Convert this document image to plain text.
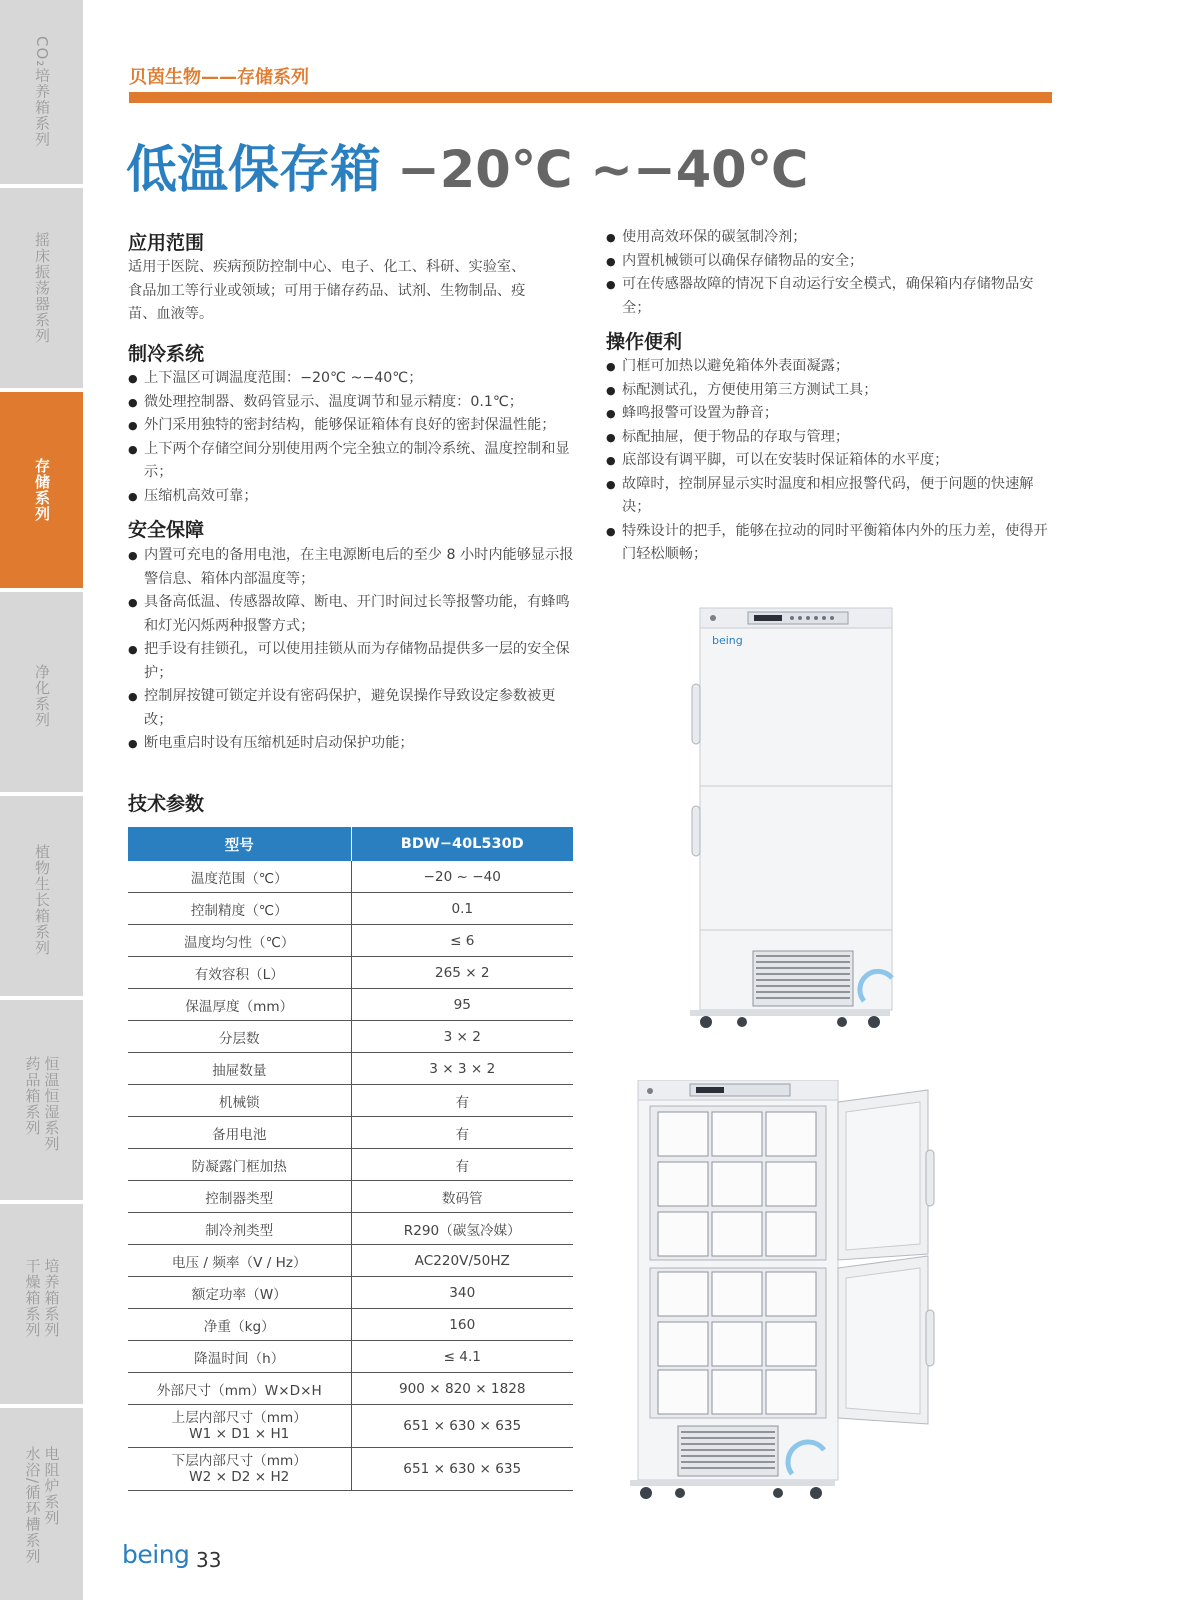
CO₂培养箱系列
摇床振荡器系列
存储系列
净化系列
植物生长箱系列
恒温恒湿系列
药品箱系列
培养箱系列
干燥箱系列
电阻炉系列
水浴/循环槽系列
贝茵生物——存储系列
低温保存箱 −20℃ ~−40℃
应用范围
适用于医院、疾病预防控制中心、电子、化工、科研、实验室、
食品加工等行业或领域；可用于储存药品、试剂、生物制品、疫
苗、血液等。
制冷系统
● 上下温区可调温度范围：−20℃ ~−40℃；
● 微处理控制器、数码管显示、温度调节和显示精度：0.1℃；
● 外门采用独特的密封结构，能够保证箱体有良好的密封保温性能；
● 上下两个存储空间分别使用两个完全独立的制冷系统、温度控制和显示；
● 压缩机高效可靠；
安全保障
● 内置可充电的备用电池，在主电源断电后的至少 8 小时内能够显示报警信息、箱体内部温度等；
● 具备高低温、传感器故障、断电、开门时间过长等报警功能，有蜂鸣和灯光闪烁两种报警方式；
● 把手设有挂锁孔，可以使用挂锁从而为存储物品提供多一层的安全保护；
● 控制屏按键可锁定并设有密码保护，避免误操作导致设定参数被更改；
● 断电重启时设有压缩机延时启动保护功能；
● 使用高效环保的碳氢制冷剂；
● 内置机械锁可以确保存储物品的安全；
● 可在传感器故障的情况下自动运行安全模式，确保箱内存储物品安全；
操作便利
● 门框可加热以避免箱体外表面凝露；
● 标配测试孔，方便使用第三方测试工具；
● 蜂鸣报警可设置为静音；
● 标配抽屉，便于物品的存取与管理；
● 底部设有调平脚，可以在安装时保证箱体的水平度；
● 故障时，控制屏显示实时温度和相应报警代码，便于问题的快速解决；
● 特殊设计的把手，能够在拉动的同时平衡箱体内外的压力差，使得开门轻松顺畅；
技术参数
型号	BDW−40L530D
温度范围（℃）	−20 ~ −40
控制精度（℃）	0.1
温度均匀性（℃）	≤ 6
有效容积（L）	265 × 2
保温厚度（mm）	95
分层数	3 × 2
抽屉数量	3 × 3 × 2
机械锁	有
备用电池	有
防凝露门框加热	有
控制器类型	数码管
制冷剂类型	R290（碳氢冷媒）
电压 / 频率（V / Hz）	AC220V/50HZ
额定功率（W）	340
净重（kg）	160
降温时间（h）	≤ 4.1
外部尺寸（mm）W×D×H	900 × 820 × 1828

上层内部尺寸（mm）
W1 × D1 × H1	651 × 630 × 635

下层内部尺寸（mm）
W2 × D2 × H2	651 × 630 × 635
being
being 33
